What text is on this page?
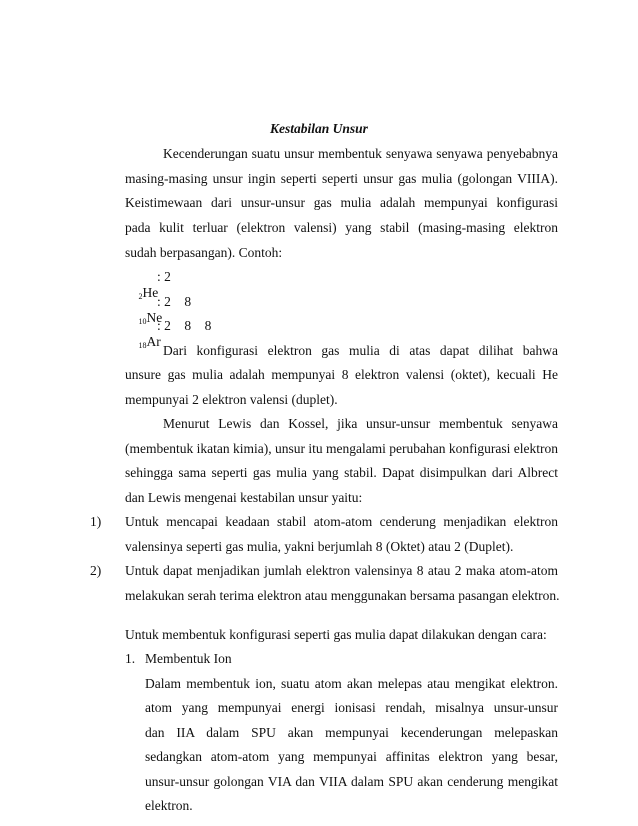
Kestabilan Unsur
Kecenderungan suatu unsur membentuk senyawa senyawa penyebabnya
masing-masing unsur ingin seperti seperti unsur gas mulia (golongan VIIIA).
Keistimewaan dari unsur-unsur gas mulia adalah mempunyai konfigurasi
pada kulit terluar (elektron valensi) yang stabil (masing-masing elektron
sudah berpasangan). Contoh:

2He

: 2

10Ne

: 2    8

18Ar

: 2    8    8

Dari konfigurasi elektron gas mulia di atas dapat dilihat bahwa
unsure gas mulia adalah mempunyai 8 elektron valensi (oktet), kecuali He
mempunyai 2 elektron valensi (duplet).
Menurut Lewis dan Kossel, jika unsur-unsur membentuk senyawa
(membentuk ikatan kimia), unsur itu mengalami perubahan konfigurasi elektron
sehingga sama seperti gas mulia yang stabil. Dapat disimpulkan dari Albrect
dan Lewis mengenai kestabilan unsur yaitu:
1) Untuk mencapai keadaan stabil atom-atom cenderung menjadikan elektron
valensinya seperti gas mulia, yakni berjumlah 8 (Oktet) atau 2 (Duplet).
2) Untuk dapat menjadikan jumlah elektron valensinya 8 atau 2 maka atom-atom
melakukan serah terima elektron atau menggunakan bersama pasangan elektron.
Untuk membentuk konfigurasi seperti gas mulia dapat dilakukan dengan cara:
1. Membentuk Ion
Dalam membentuk ion, suatu atom akan melepas atau mengikat elektron.
atom yang mempunyai energi ionisasi rendah, misalnya unsur-unsur
dan IIA dalam SPU akan mempunyai kecenderungan melepaskan
sedangkan atom-atom yang mempunyai affinitas elektron yang besar,
unsur-unsur golongan VIA dan VIIA dalam SPU akan cenderung mengikat
elektron.
